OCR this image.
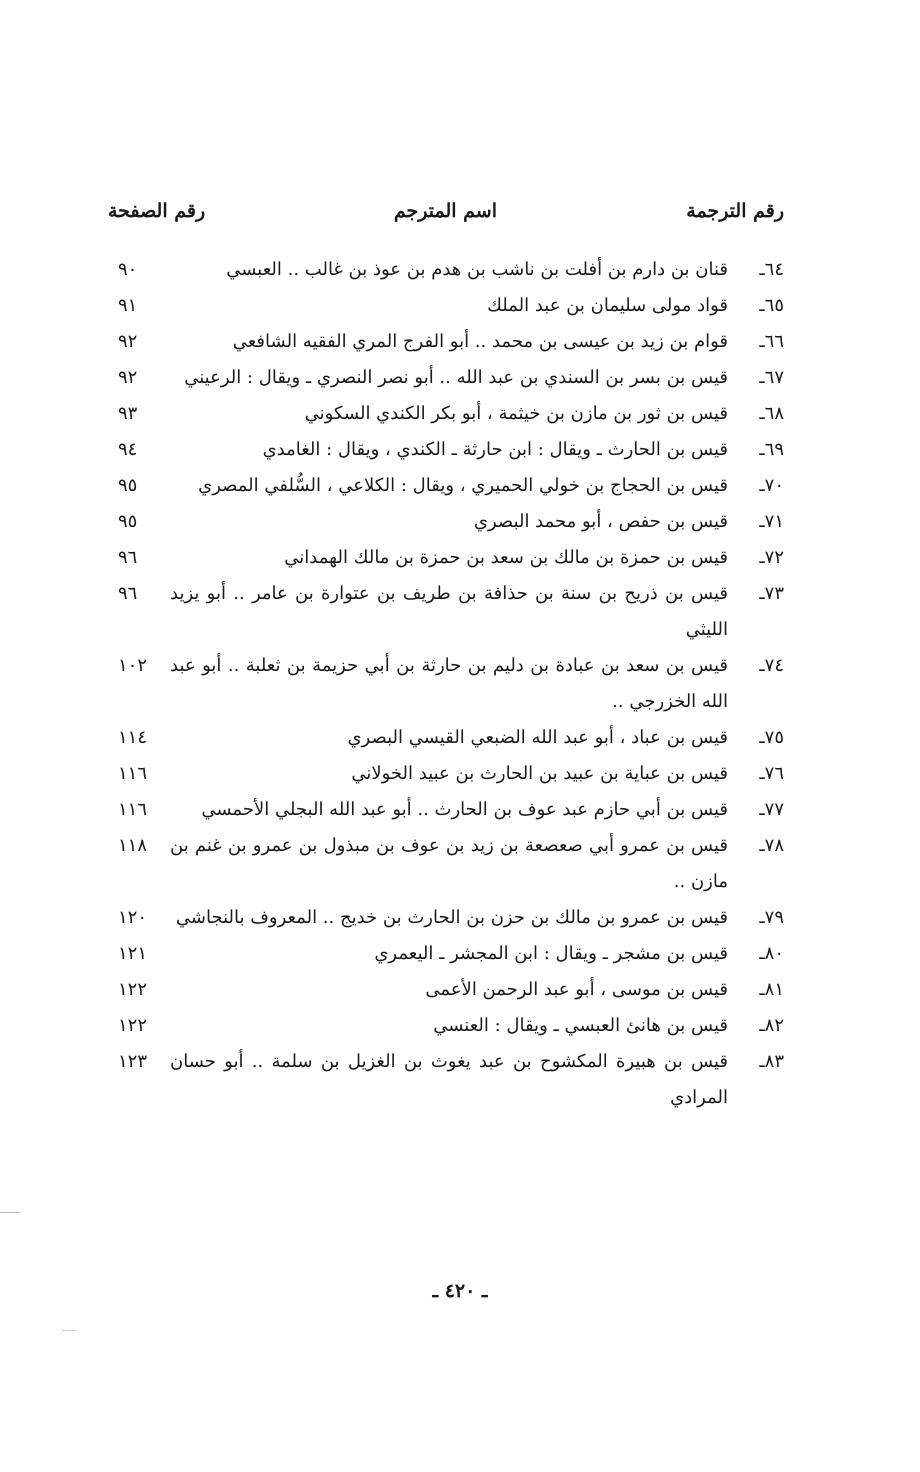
رقم الترجمة
اسم المترجم
رقم الصفحة
٦٤ـ
قنان بن دارم بن أفلت بن ناشب بن هدم بن عوذ بن غالب .. العبسي
٩٠
٦٥ـ
قواد مولى سليمان بن عبد الملك
٩١
٦٦ـ
قوام بن زيد بن عيسى بن محمد .. أبو الفرج المري الفقيه الشافعي
٩٢
٦٧ـ
قيس بن بسر بن السندي بن عبد الله .. أبو نصر النصري ـ ويقال : الرعيني
٩٢
٦٨ـ
قيس بن ثور بن مازن بن خيثمة ، أبو بكر الكندي السكوني
٩٣
٦٩ـ
قيس بن الحارث ـ ويقال : ابن حارثة ـ الكندي ، ويقال : الغامدي
٩٤
٧٠ـ
قيس بن الحجاج بن خولي الحميري ، ويقال : الكلاعي ، السُّلفي المصري
٩٥
٧١ـ
قيس بن حفص ، أبو محمد البصري
٩٥
٧٢ـ
قيس بن حمزة بن مالك بن سعد بن حمزة بن مالك الهمداني
٩٦
٧٣ـ
قيس بن ذريح بن سنة بن حذافة بن طريف بن عتوارة بن عامر .. أبو يزيد الليثي
٩٦
٧٤ـ
قيس بن سعد بن عبادة بن دليم بن حارثة بن أبي حزيمة بن ثعلبة .. أبو عبد الله الخزرجي ..
١٠٢
٧٥ـ
قيس بن عباد ، أبو عبد الله الضبعي القيسي البصري
١١٤
٧٦ـ
قيس بن عباية بن عبيد بن الحارث بن عبيد الخولاني
١١٦
٧٧ـ
قيس بن أبي حازم عبد عوف بن الحارث .. أبو عبد الله البجلي الأحمسي
١١٦
٧٨ـ
قيس بن عمرو أبي صعصعة بن زيد بن عوف بن مبذول بن عمرو بن غنم بن مازن ..
١١٨
٧٩ـ
قيس بن عمرو بن مالك بن حزن بن الحارث بن خديج .. المعروف بالنجاشي
١٢٠
٨٠ـ
قيس بن مشجر ـ ويقال : ابن المجشر ـ اليعمري
١٢١
٨١ـ
قيس بن موسى ، أبو عبد الرحمن الأعمى
١٢٢
٨٢ـ
قيس بن هانئ العبسي ـ ويقال : العنسي
١٢٢
٨٣ـ
قيس بن هبيرة المكشوح بن عبد يغوث بن الغزيل بن سلمة .. أبو حسان المرادي
١٢٣
ـ ٤٢٠ ـ
